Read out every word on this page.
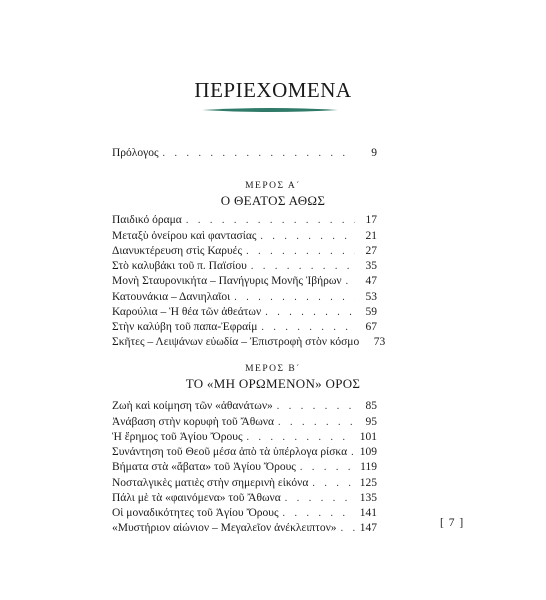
ΠΕΡΙΕΧΟΜΕΝΑ
Πρόλογος . . .	9
ΜΕΡΟΣ Α΄
Ο ΘΕΑΤΟΣ ΑΘΩΣ
Παιδικό όραμα . . .	17
Μεταξὺ ὀνείρου καὶ φαντασίας . . .	21
Διανυκτέρευση στὶς Καρυές . . .	27
Στὸ καλυβάκι τοῦ π. Παϊσίου . . .	35
Μονὴ Σταυρονικήτα – Πανήγυρις Μονῆς Ἰβήρων . . .	47
Κατουνάκια – Δανιηλαῖοι . . .	53
Καρούλια – Ἡ θέα τῶν ἀθεάτων . . .	59
Στὴν καλύβη τοῦ παπα-Ἐφραίμ . . .	67
Σκῆτες – Λειψάνων εὐωδία – Ἐπιστροφὴ στὸν κόσμο	73
ΜΕΡΟΣ Β΄
ΤΟ «ΜΗ ΟΡΩΜΕΝΟΝ» ΟΡΟΣ
Ζωὴ καὶ κοίμηση τῶν «ἀθανάτων» . . .	85
Ἀνάβαση στὴν κορυφὴ τοῦ Ἄθωνα . . .	95
Ἡ ἔρημος τοῦ Ἁγίου Ὄρους . . .	101
Συνάντηση τοῦ Θεοῦ μέσα ἀπὸ τὰ ὑπέρλογα ρίσκα . . . 109
Βήματα στὰ «ἄβατα» τοῦ Ἁγίου Ὄρους . . .	119
Νοσταλγικὲς ματιὲς στὴν σημερινὴ εἰκόνα . . .	125
Πάλι μὲ τὰ «φαινόμενα» τοῦ Ἄθωνα . . .	135
Οἱ μοναδικότητες τοῦ Ἁγίου Ὄρους . . .	141
«Μυστήριον αἰώνιον – Μεγαλεῖον ἀνέκλειπτον» . . . 147	[ 7 ]
